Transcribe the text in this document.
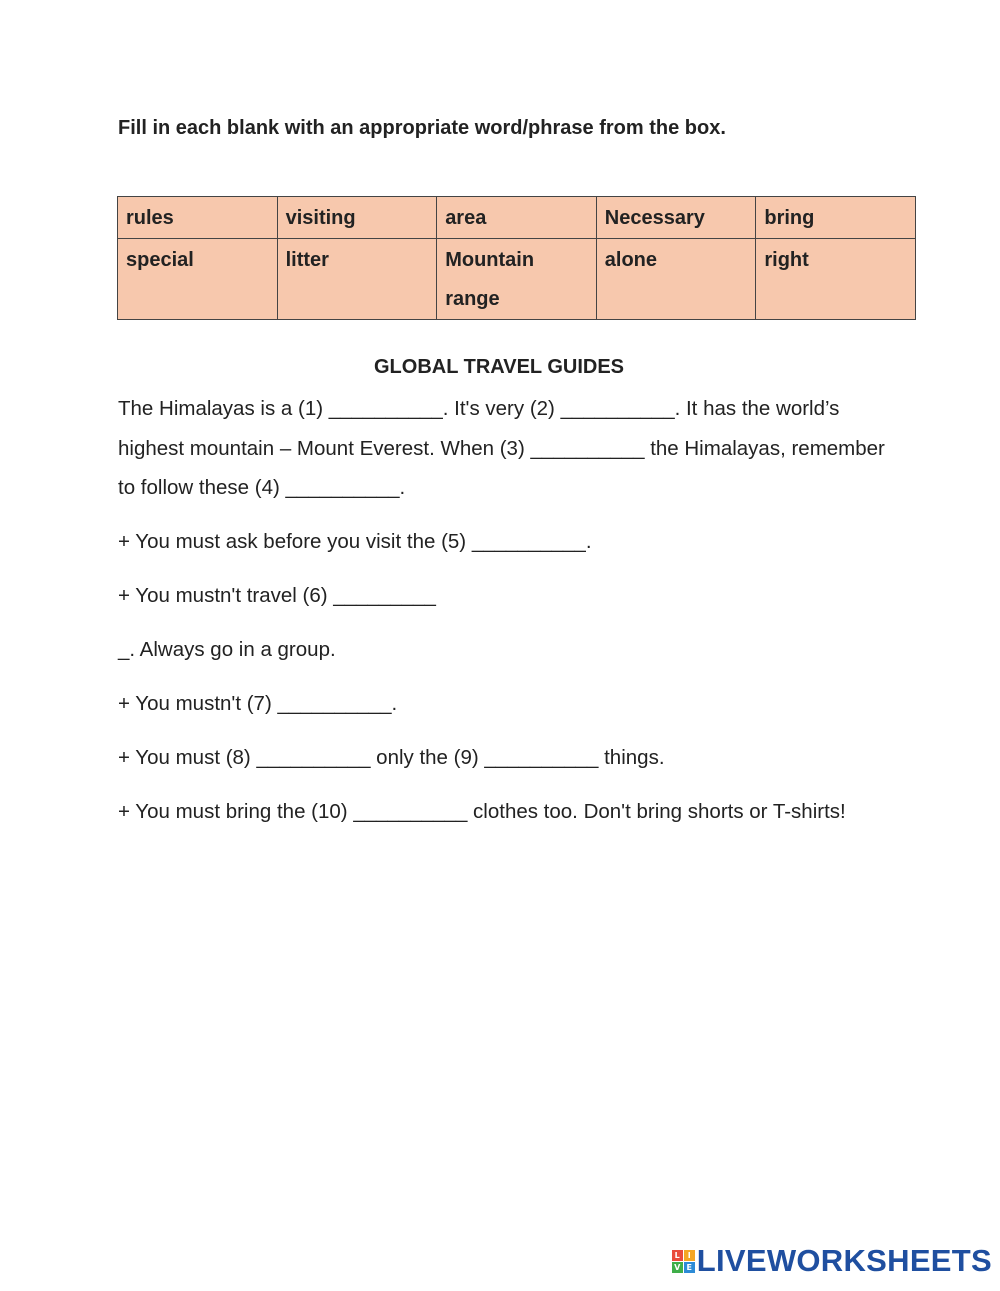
Fill in each blank with an appropriate word/phrase from the box.

rules	visiting	area	Necessary	bring
special	litter	Mountain range	alone	right

GLOBAL TRAVEL GUIDES

The Himalayas is a (1) __________. It's very (2) __________. It has the world’s highest mountain – Mount Everest. When (3) __________ the Himalayas, remember to follow these (4) __________.

+ You must ask before you visit the (5) __________.

+ You mustn't travel (6) _________

_. Always go in a group.

+ You mustn't (7) __________.

+ You must (8) __________ only the (9) __________ things.

+ You must bring the (10) __________ clothes too. Don't bring shorts or T-shirts!

L I
V E LIVEWORKSHEETS
